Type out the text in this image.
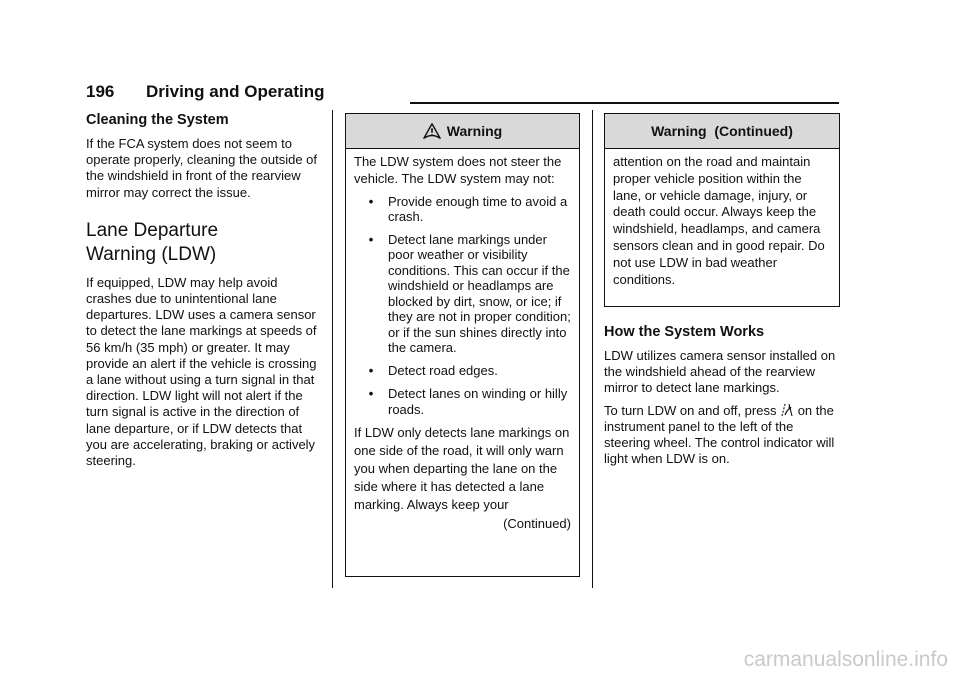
196 Driving and Operating
Cleaning the System
If the FCA system does not seem to operate properly, cleaning the outside of the windshield in front of the rearview mirror may correct the issue.
Lane Departure
Warning (LDW)
If equipped, LDW may help avoid crashes due to unintentional lane departures. LDW uses a camera sensor to detect the lane markings at speeds of 56 km/h (35 mph) or greater. It may provide an alert if the vehicle is crossing a lane without using a turn signal in that direction. LDW light will not alert if the turn signal is active in the direction of lane departure, or if LDW detects that you are accelerating, braking or actively steering.
Warning

The LDW system does not steer the vehicle. The LDW system may not:

•	Provide enough time to avoid a crash.
•	Detect lane markings under poor weather or visibility conditions. This can occur if the windshield or headlamps are blocked by dirt, snow, or ice; if they are not in proper condition; or if the sun shines directly into the camera.
•	Detect road edges.
•	Detect lanes on winding or hilly roads.

If LDW only detects lane markings on one side of the road, it will only warn you when departing the lane on the side where it has detected a lane marking. Always keep your

(Continued)
Warning  (Continued)

attention on the road and maintain proper vehicle position within the lane, or vehicle damage, injury, or death could occur. Always keep the windshield, headlamps, and camera sensors clean and in good repair. Do not use LDW in bad weather conditions.

How the System Works
LDW utilizes camera sensor installed on the windshield ahead of the rearview mirror to detect lane markings.
To turn LDW on and off, press  on the instrument panel to the left of the steering wheel. The control indicator will light when LDW is on.
carmanualsonline.info
